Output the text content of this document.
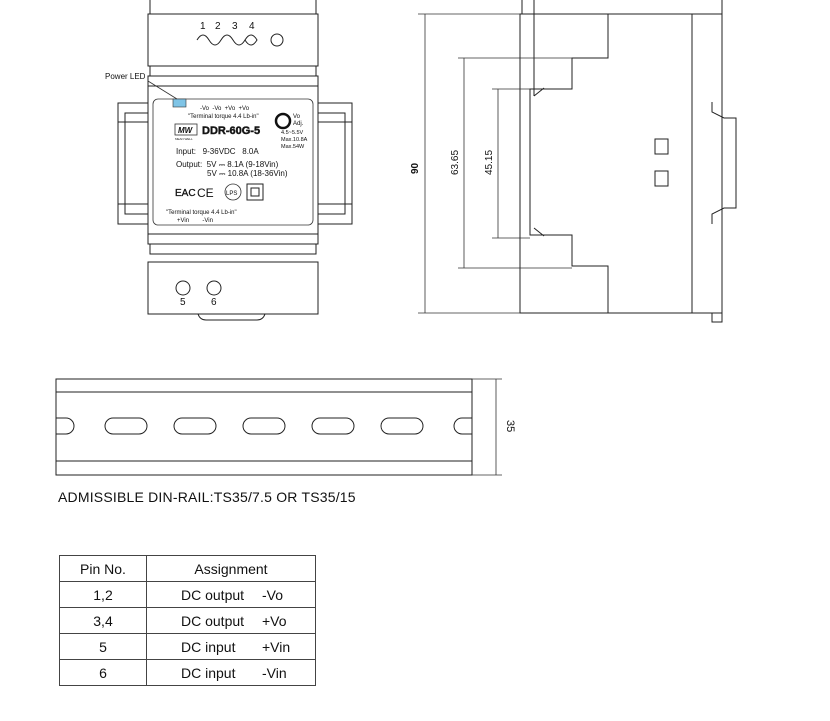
1 2 3 4
Power LED
-Vo  -Vo  +Vo  +Vo
"Terminal torque 4.4 Lb-in"	Vo
Adj.
4.5~5.5V
Max.10.8A
Max.54W
MW
MEAN WELL
DDR-60G-5
Input:   9-36VDC   8.0A
Output:  5V ⎓ 8.1A (9-18Vin)
5V ⎓ 10.8A (18-36Vin)
EAC CE LPS
"Terminal torque 4.4 Lb-in"
+Vin        -Vin
5	6
90	63.65 45.15
35
ADMISSIBLE DIN-RAIL:TS35/7.5 OR TS35/15
Pin No.	Assignment
1,2	DC output -Vo

3,4	DC output +Vo

5	DC input +Vin

6	DC input -Vin
